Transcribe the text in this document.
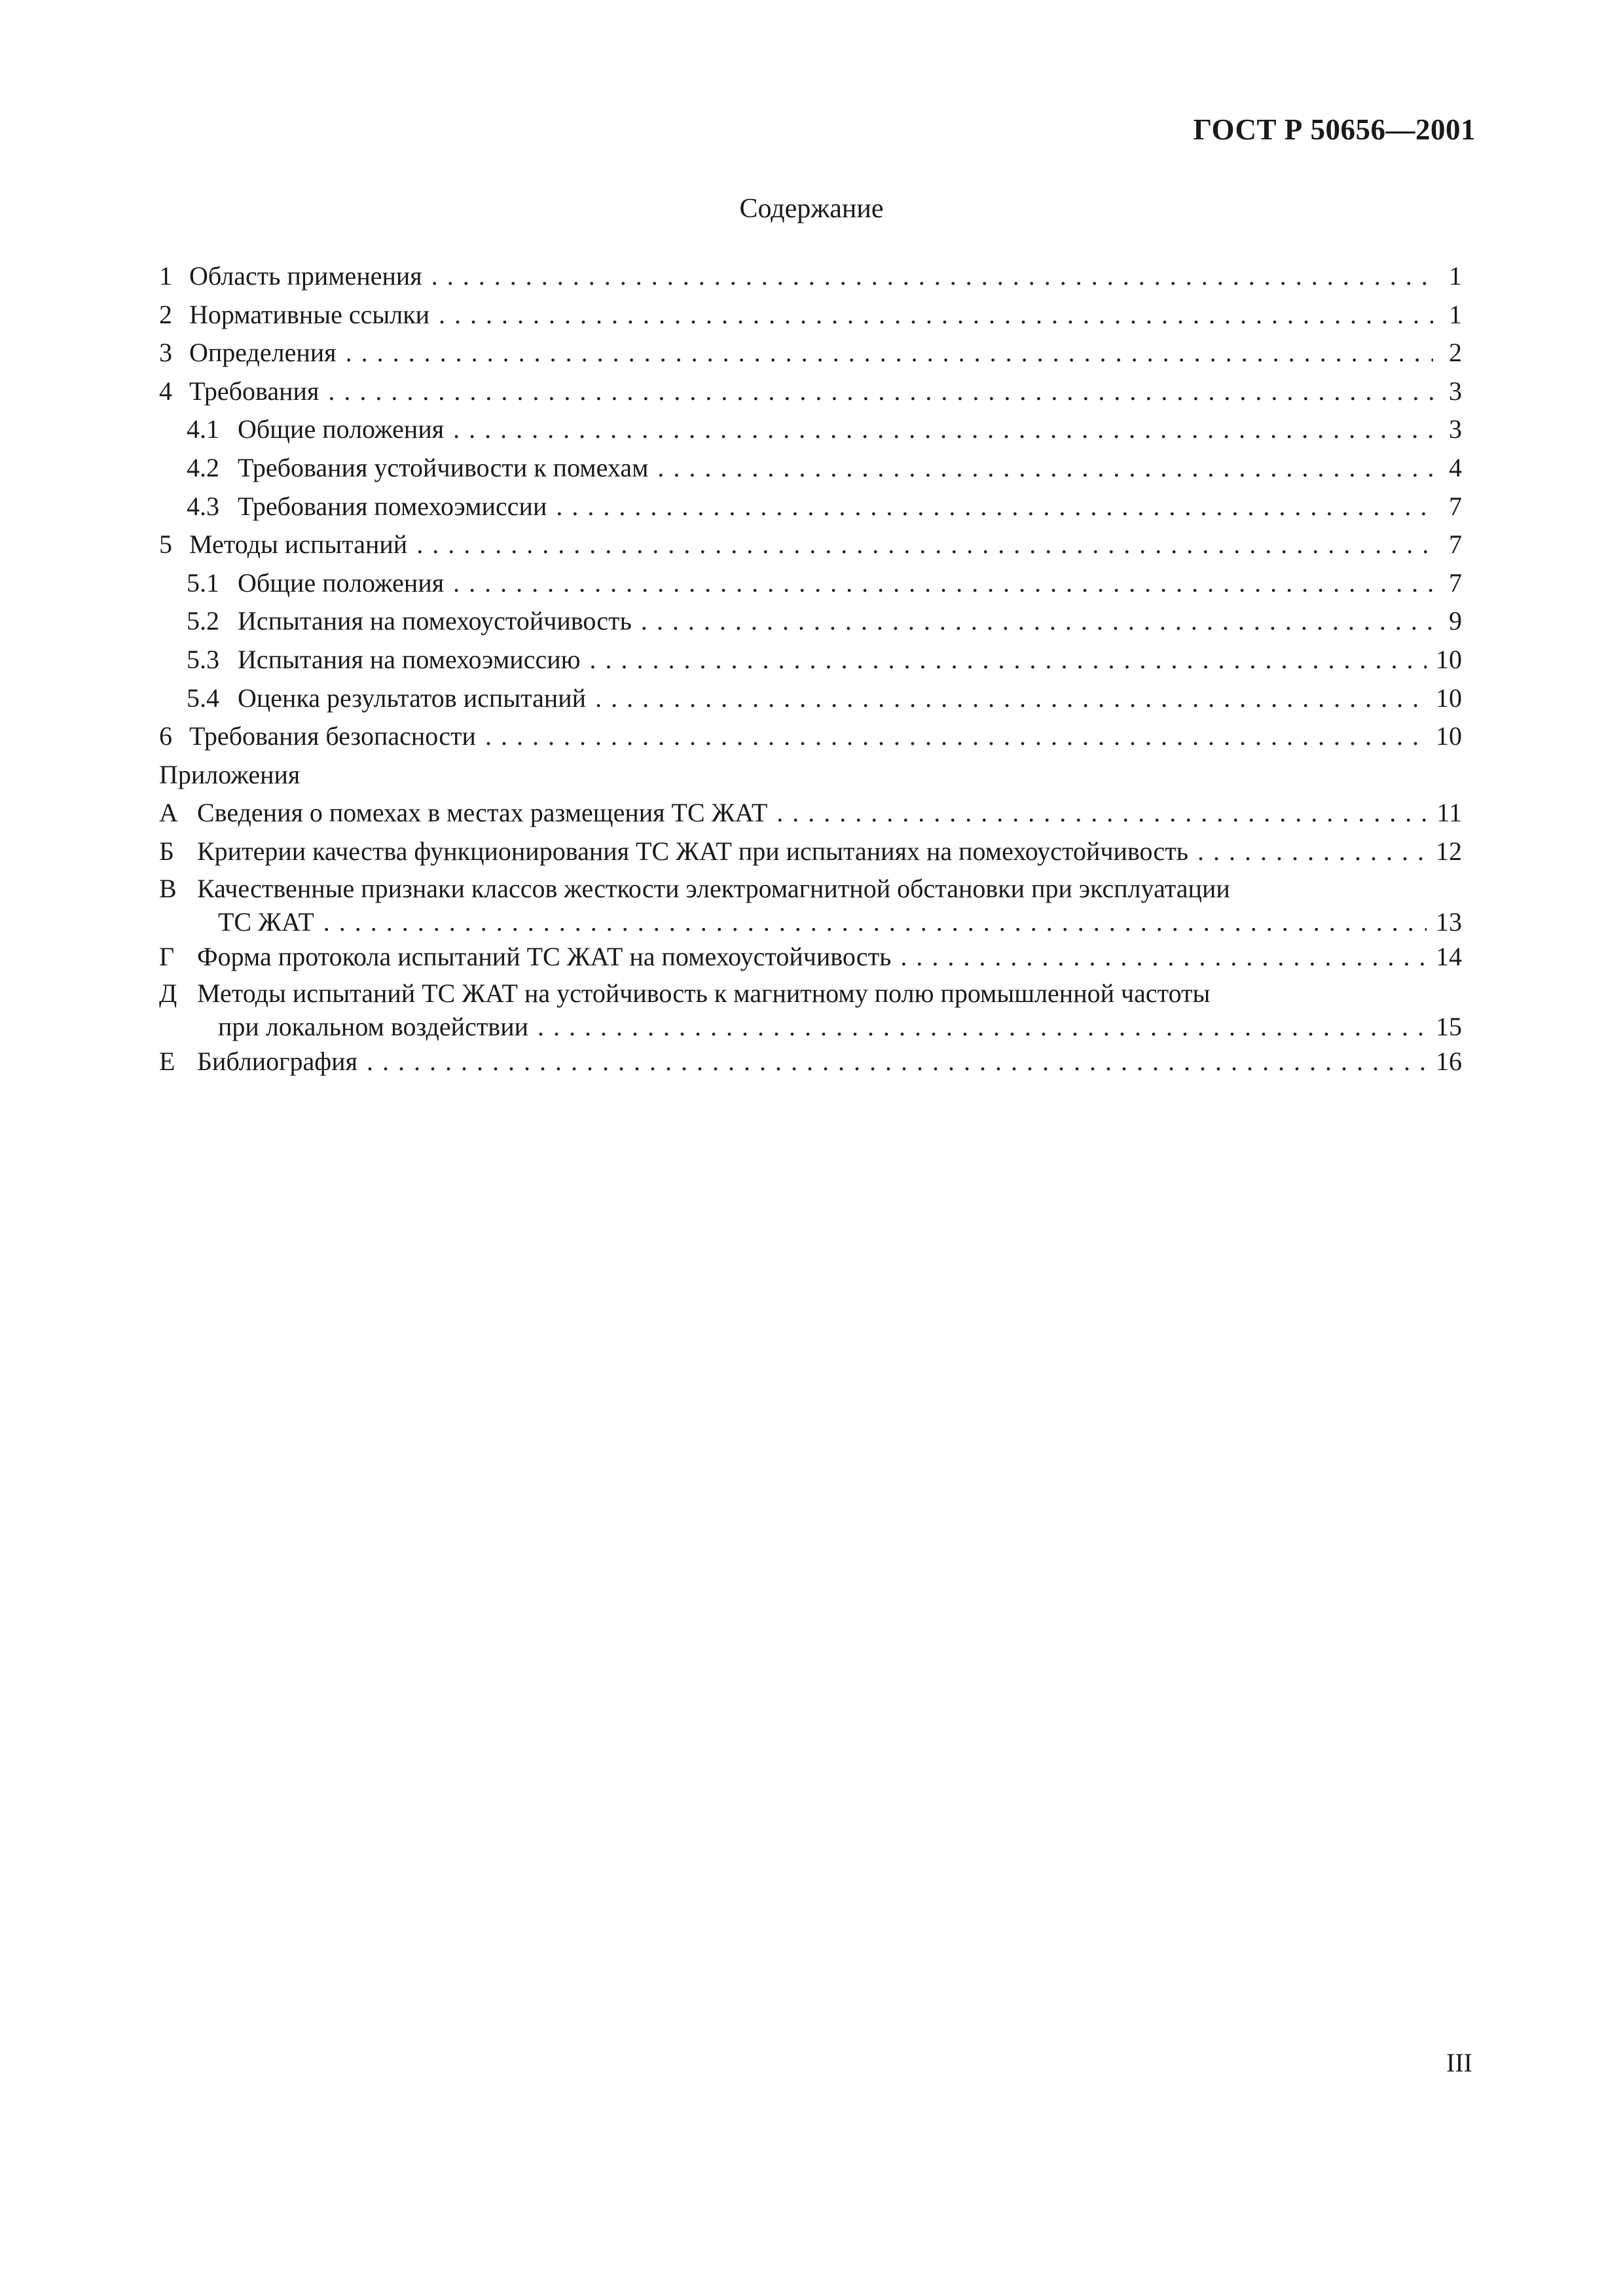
ГОСТ Р 50656—2001
Содержание
1 Область применения . . .	1
2 Нормативные ссылки . . .	1
3 Определения . . .	2
4 Требования . . .	3
4.1 Общие положения . . .	3
4.2 Требования устойчивости к помехам . . .	4
4.3 Требования помехоэмиссии . . .	7
5 Методы испытаний . . .	7
5.1 Общие положения . . .	7
5.2 Испытания на помехоустойчивость . . .	9
5.3 Испытания на помехоэмиссию . . .	10
5.4 Оценка результатов испытаний . . .	10
6 Требования безопасности . . .	10
Приложения
А Сведения о помехах в местах размещения ТС ЖАТ . . .	11
Б Критерии качества функционирования ТС ЖАТ при испытаниях на помехоустойчивость . . .	12
В Качественные признаки классов жесткости электромагнитной обстановки при эксплуатации
ТС ЖАТ . . .	13
Г Форма протокола испытаний ТС ЖАТ на помехоустойчивость . . .	14
Д Методы испытаний ТС ЖАТ на устойчивость к магнитному полю промышленной частоты
при локальном воздействии . . .	15
Е Библиография . . .	16
III
